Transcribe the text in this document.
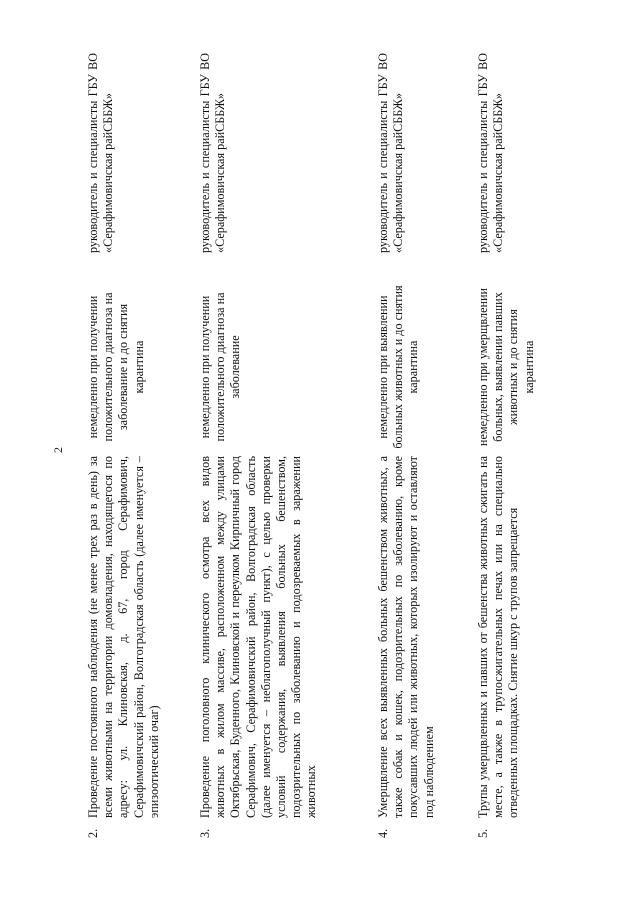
2
2.
Проведение постоянного наблюдения (не менее трех раз в день) за всеми животными на территории домовладения, находящегося по адресу: ул. Клиновская, д. 67, город Серафимович, Серафимовичский район, Волгоградская область (далее именуется – эпизоотический очаг)
немедленно при получении положительного диагноза на заболевание и до снятия карантина
руководитель и специалисты ГБУ ВО «Серафимовичская райСББЖ»
3.
Проведение поголовного клинического осмотра всех видов животных в жилом массиве, расположенном между улицами Октябрьская, Буденного, Клиновской и переулком Кирпичный город Серафимович, Серафимовичский район, Волгоградская область (далее именуется – неблагополучный пункт), с целью проверки условий содержания, выявления больных бешенством, подозрительных по заболеванию и подозреваемых в заражении животных
немедленно при получении положительного диагноза на заболевание
руководитель и специалисты ГБУ ВО «Серафимовичская райСББЖ»
4.
Умерщвление всех выявленных больных бешенством животных, а также собак и кошек, подозрительных по заболеванию, кроме покусавших людей или животных, которых изолируют и оставляют под наблюдением
немедленно при выявлении больных животных и до снятия карантина
руководитель и специалисты ГБУ ВО «Серафимовичская райСББЖ»
5.
Трупы умерщвленных и павших от бешенства животных сжигать на месте, а также в трупосжигательных печах или на специально отведенных площадках. Снятие шкур с трупов запрещается
немедленно при умерщвлении больных, выявлении павших животных и до снятия карантина
руководитель и специалисты ГБУ ВО «Серафимовичская райСББЖ»
